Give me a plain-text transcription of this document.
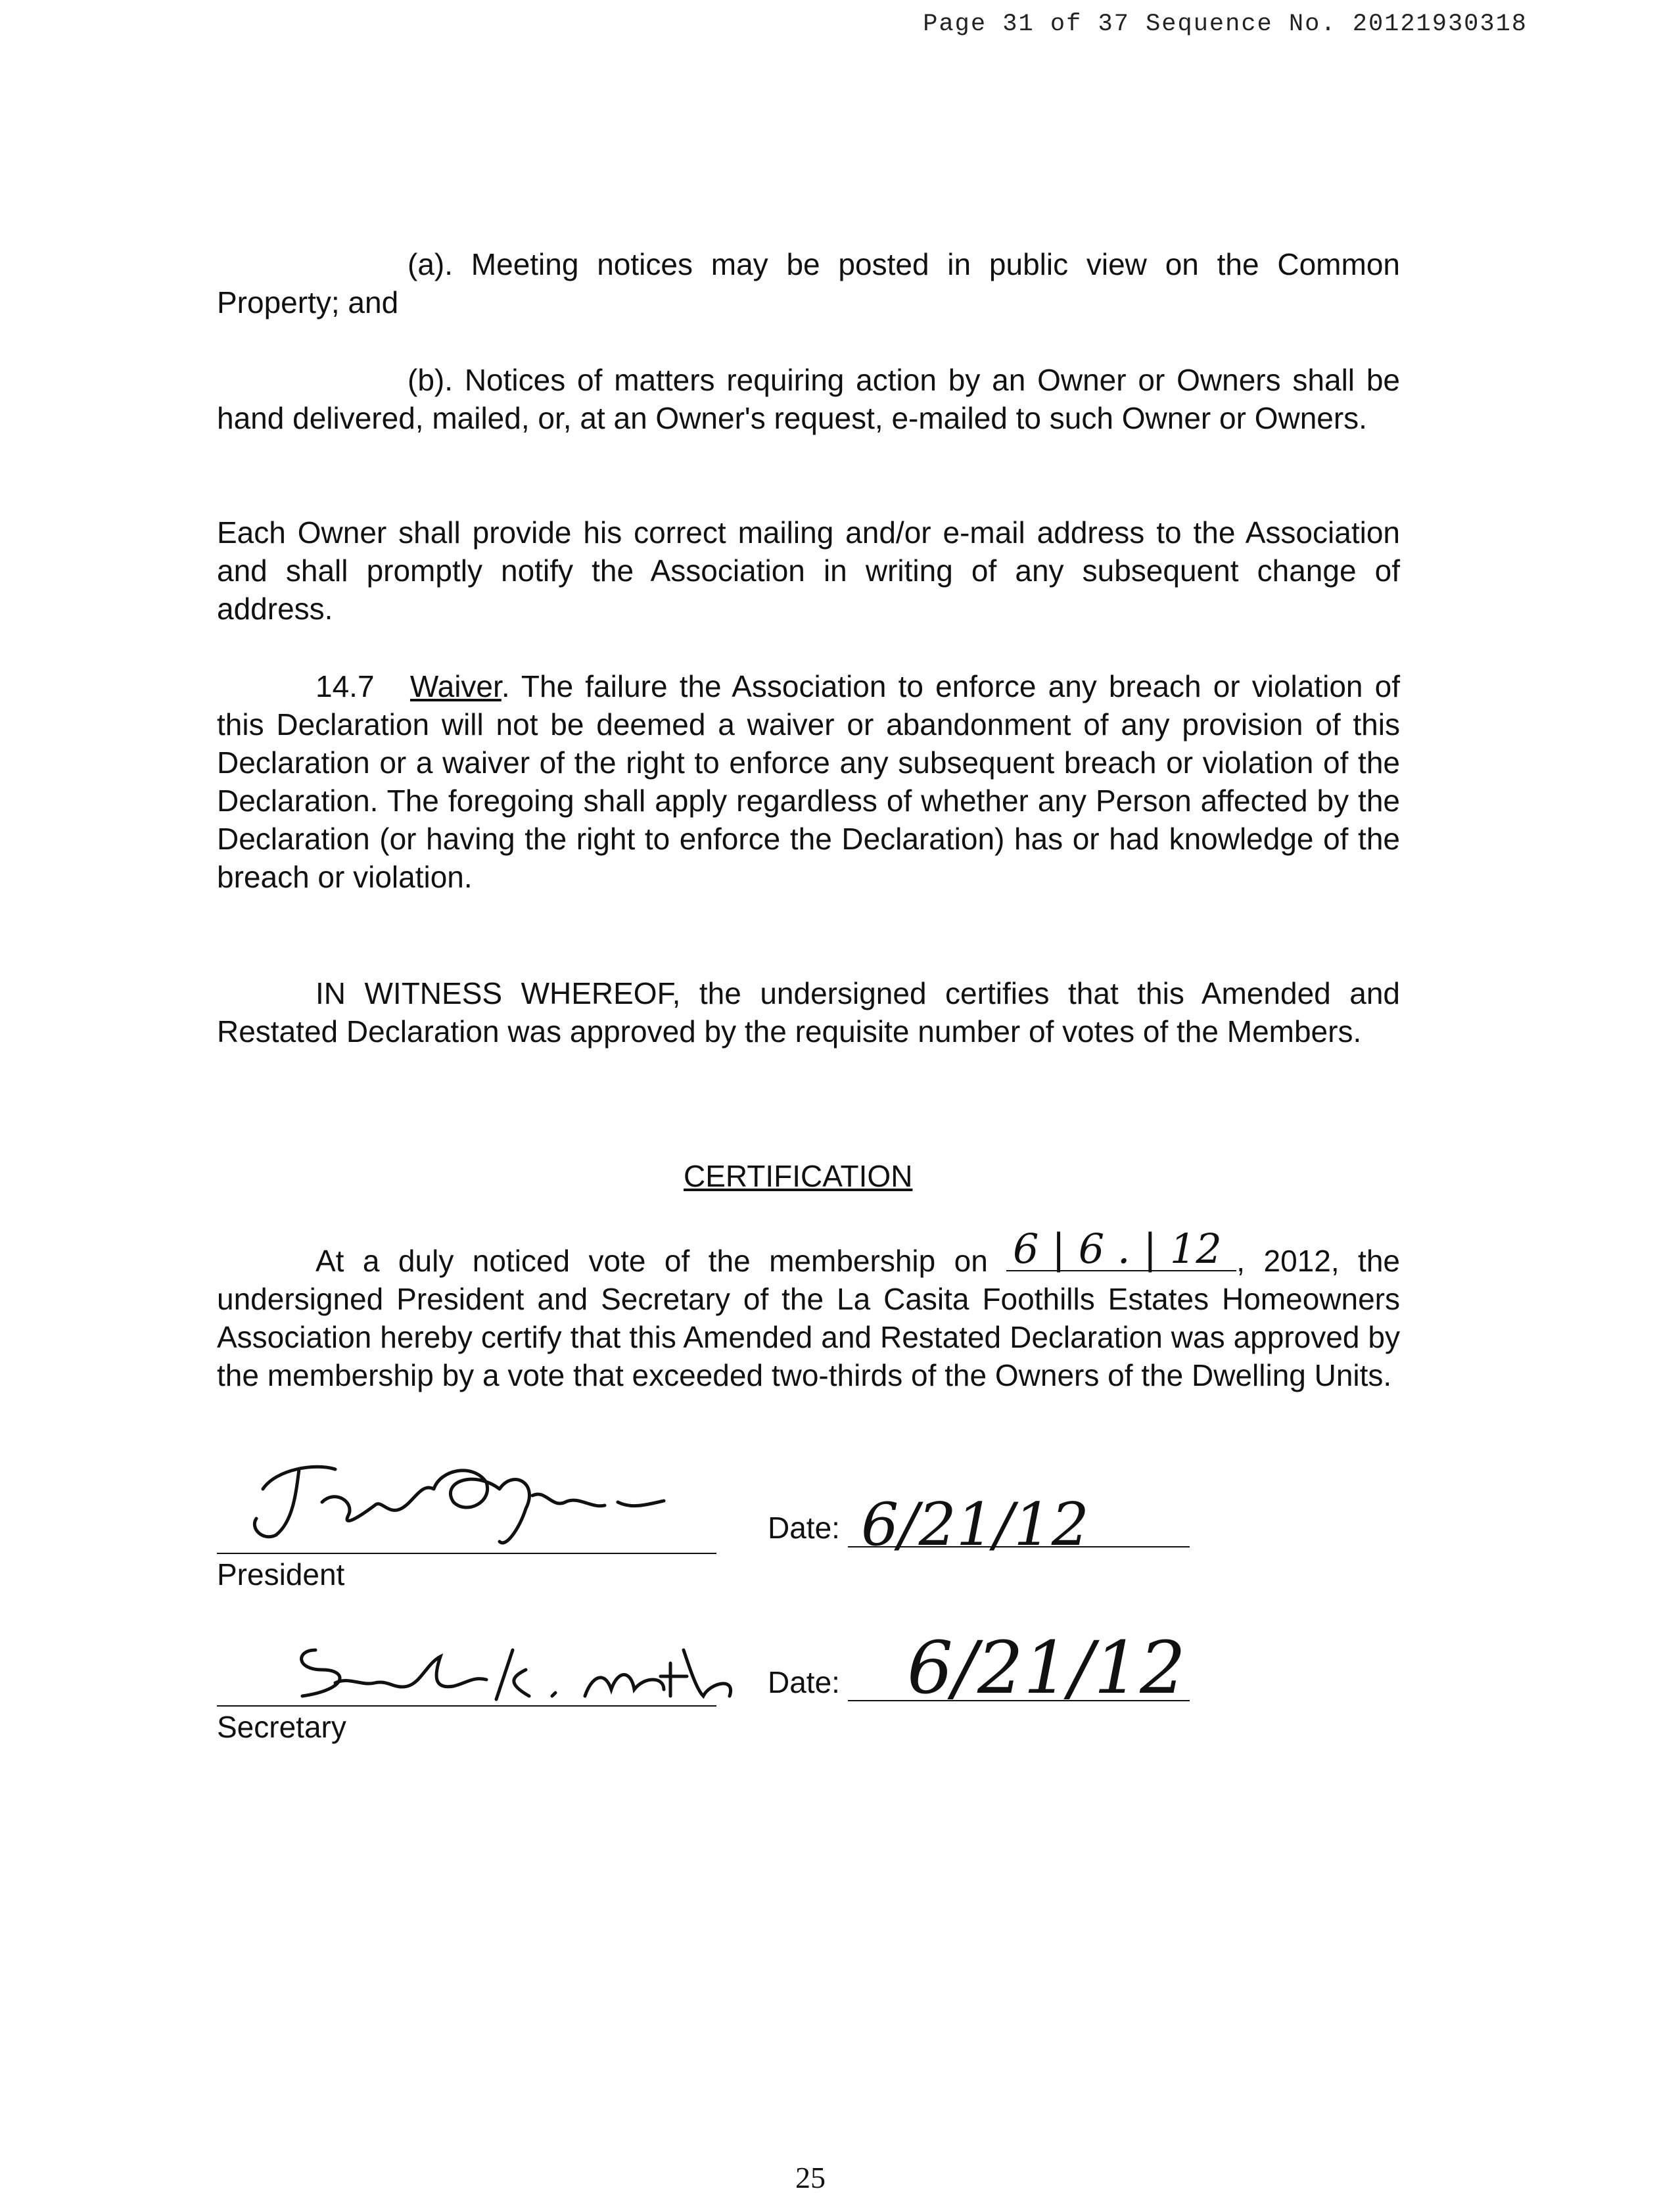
Page 31 of 37 Sequence No. 20121930318
(a). Meeting notices may be posted in public view on the Common Property; and
(b). Notices of matters requiring action by an Owner or Owners shall be hand delivered, mailed, or, at an Owner's request, e-mailed to such Owner or Owners.
Each Owner shall provide his correct mailing and/or e-mail address to the Association and shall promptly notify the Association in writing of any subsequent change of address.
14.7 Waiver. The failure the Association to enforce any breach or violation of this Declaration will not be deemed a waiver or abandonment of any provision of this Declaration or a waiver of the right to enforce any subsequent breach or violation of the Declaration. The foregoing shall apply regardless of whether any Person affected by the Declaration (or having the right to enforce the Declaration) has or had knowledge of the breach or violation.
IN WITNESS WHEREOF, the undersigned certifies that this Amended and Restated Declaration was approved by the requisite number of votes of the Members.
CERTIFICATION
At a duly noticed vote of the membership on 6 | 6 . | 12 , 2012, the undersigned President and Secretary of the La Casita Foothills Estates Homeowners Association hereby certify that this Amended and Restated Declaration was approved by the membership by a vote that exceeded two-thirds of the Owners of the Dwelling Units.
President
Date: 6/21/12
Secretary
Date: 6/21/12
25
